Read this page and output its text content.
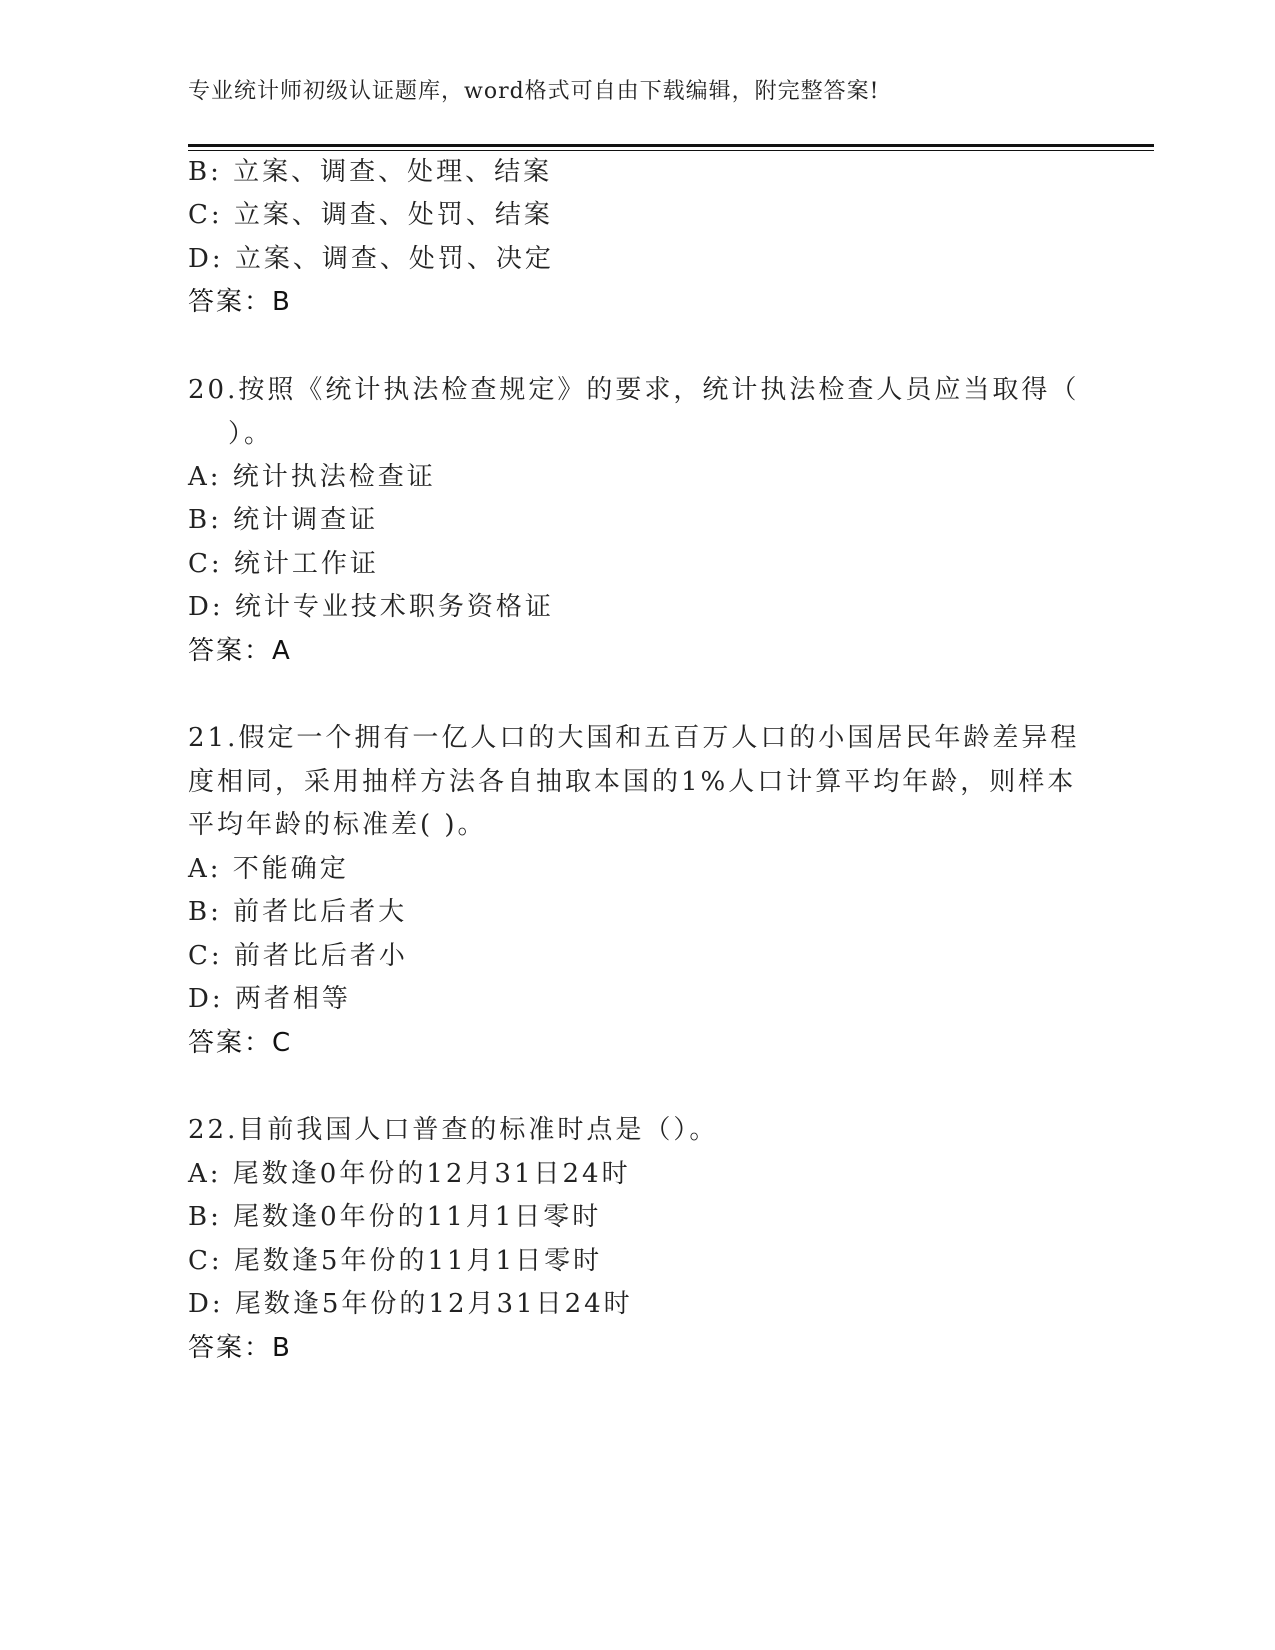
专业统计师初级认证题库，word格式可自由下载编辑，附完整答案!
B: 立案、调查、处理、结案
C: 立案、调查、处罚、结案
D: 立案、调查、处罚、决定
答案：B
20.按照《统计执法检查规定》的要求，统计执法检查人员应当取得（
）。
A: 统计执法检查证
B: 统计调查证
C: 统计工作证
D: 统计专业技术职务资格证
答案：A
21.假定一个拥有一亿人口的大国和五百万人口的小国居民年龄差异程
度相同，采用抽样方法各自抽取本国的1%人口计算平均年龄，则样本
平均年龄的标准差( )。
A: 不能确定
B: 前者比后者大
C: 前者比后者小
D: 两者相等
答案：C
22.目前我国人口普查的标准时点是（）。
A: 尾数逢0年份的12月31日24时
B: 尾数逢0年份的11月1日零时
C: 尾数逢5年份的11月1日零时
D: 尾数逢5年份的12月31日24时
答案：B
